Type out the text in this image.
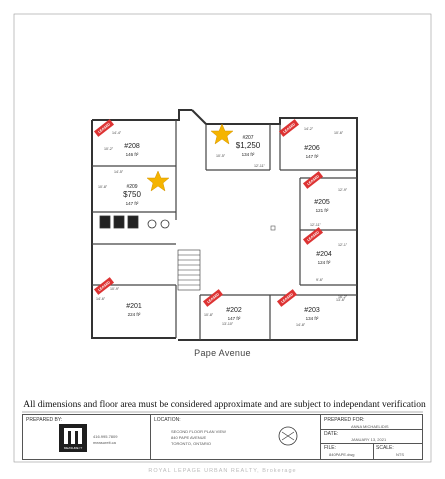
#208
146 ft²
#207
$1,250
134 ft²
#206
147 ft²
#209
$750
147 ft²	#205
121 ft²
#204
124 ft²
#201
224 ft²
#202
147 ft²
#203
134 ft²
14'-4"
10'-2"
10'-5"
12'-11"
14'-2"
10'-6"
10'-8"
14'-5"
12'-9"
12'-11"
12'-1"
9'-6"
13'-6"
13'-10"
10'-8"
14'-6"
10'-9"
14'-8"
16'-2"
LEASED	LEASED
LEASED
LEASED
LEASED
LEASED	LEASED
Pape Avenue
All dimensions and floor area must be considered approximate and are subject to independant verification
PREPARED BY:
MEASURE IT
416.995.7809
measureit.ca
LOCATION:
SECOND FLOOR PLAN VIEW
840 PAPE AVENUE
TORONTO, ONTARIO
PREPARED FOR:
ANNA MICHAELIDIS
DATE:
JANUARY 13, 2021
FILE:
840PAPE.dwg
SCALE:
NTS
ROYAL LEPAGE URBAN REALTY, Brokerage
